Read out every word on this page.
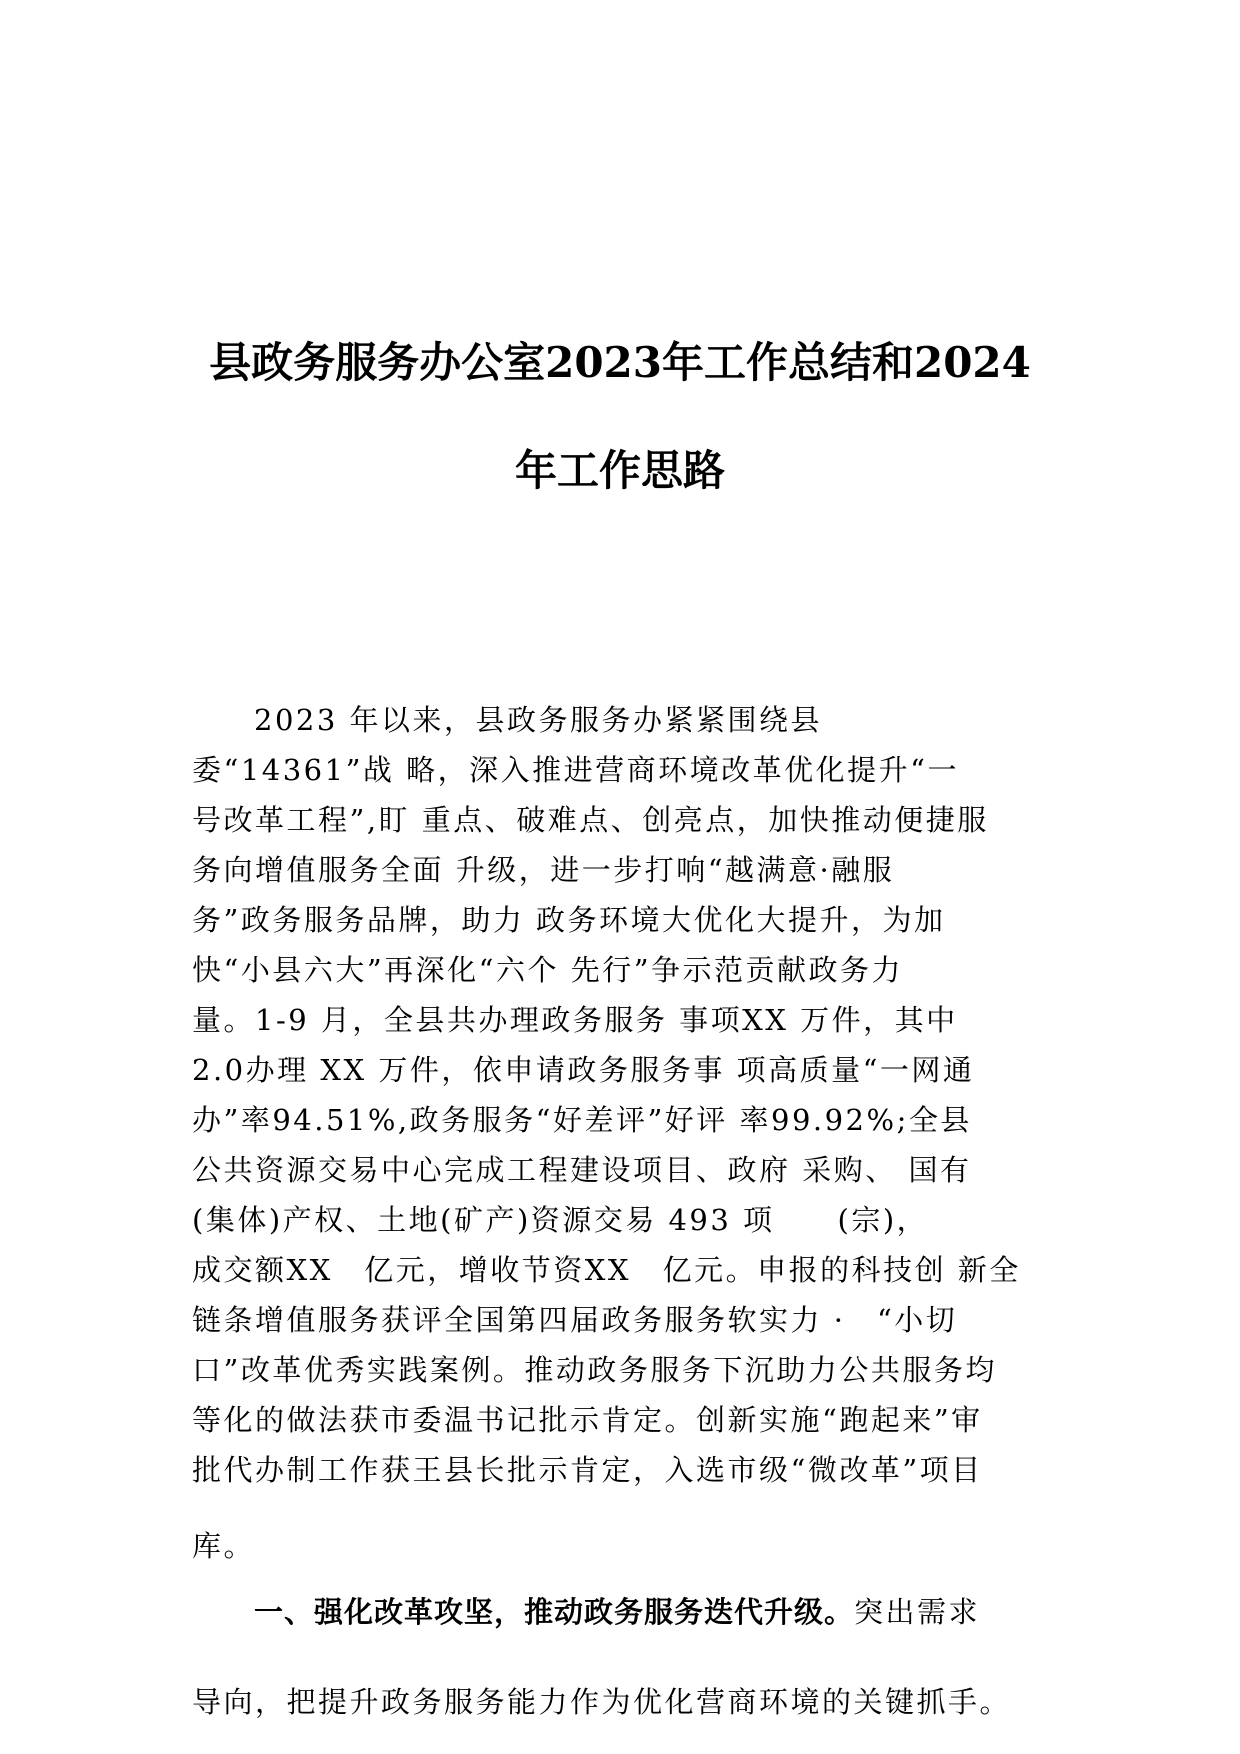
县政务服务办公室2023年工作总结和2024
年工作思路
2023 年以来，县政务服务办紧紧围绕县
委“14361”战 略，深入推进营商环境改革优化提升“一
号改革工程”,盯 重点、破难点、创亮点，加快推动便捷服
务向增值服务全面 升级，进一步打响“越满意·融服
务”政务服务品牌，助力 政务环境大优化大提升，为加
快“小县六大”再深化“六个 先行”争示范贡献政务力
量。1-9 月，全县共办理政务服务 事项XX 万件，其中
2.0办理 XX 万件，依申请政务服务事 项高质量“一网通
办”率94.51%,政务服务“好差评”好评 率99.92%;全县
公共资源交易中心完成工程建设项目、政府 采购、 国有
(集体)产权、土地(矿产)资源交易 493 项　　(宗)，
成交额XX　亿元，增收节资XX　亿元。申报的科技创 新全
链条增值服务获评全国第四届政务服务软实力 ·　“小切
口”改革优秀实践案例。推动政务服务下沉助力公共服务均
等化的做法获市委温书记批示肯定。创新实施“跑起来”审
批代办制工作获王县长批示肯定，入选市级“微改革”项目
库。
一、强化改革攻坚，推动政务服务迭代升级。突出需求
导向，把提升政务服务能力作为优化营商环境的关键抓手。
